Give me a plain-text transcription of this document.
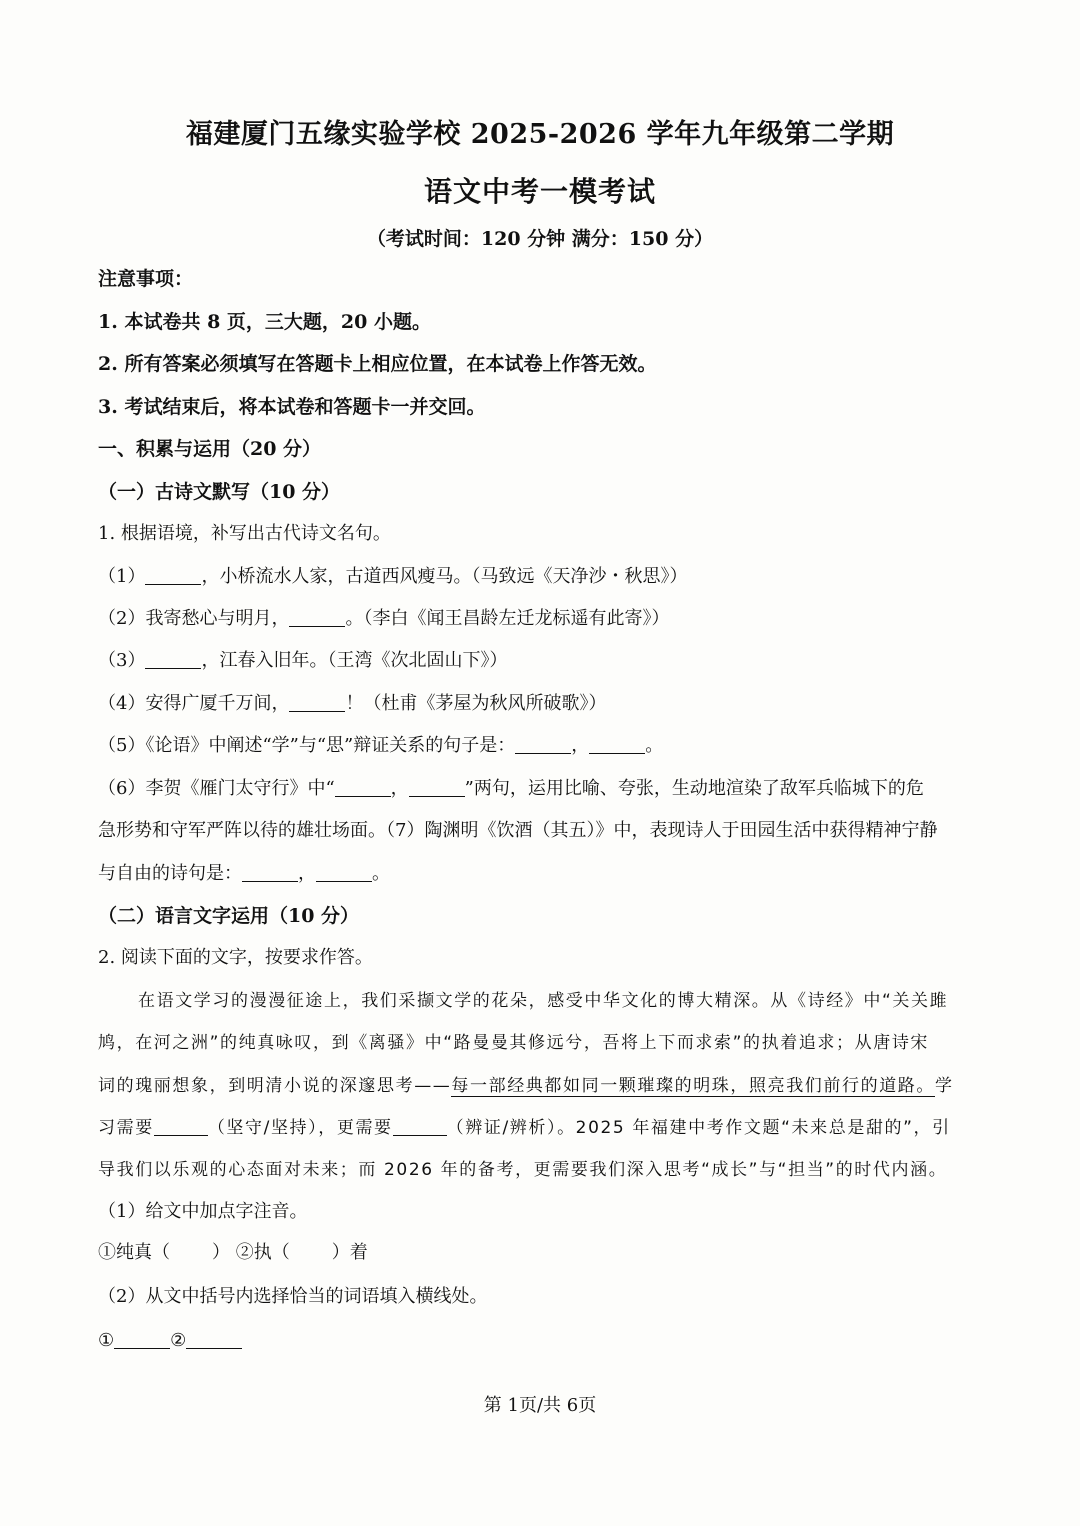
福建厦门五缘实验学校 2025-2026 学年九年级第二学期
语文中考一模考试
（考试时间：120 分钟 满分：150 分）
注意事项：
1. 本试卷共 8 页，三大题，20 小题。
2. 所有答案必须填写在答题卡上相应位置，在本试卷上作答无效。
3. 考试结束后，将本试卷和答题卡一并交回。
一、积累与运用（20 分）
（一）古诗文默写（10 分）
1. 根据语境，补写出古代诗文名句。
（1）	，小桥流水人家，古道西风瘦马。（马致远《天净沙・秋思》）
（2）我寄愁心与明月，	。（李白《闻王昌龄左迁龙标遥有此寄》）
（3）	，江春入旧年。（王湾《次北固山下》）
（4）安得广厦千万间，	！（杜甫《茅屋为秋风所破歌》）
（5）《论语》中阐述“学”与“思”辩证关系的句子是：	，	。
（6）李贺《雁门太守行》中“	，	”两句，运用比喻、夸张，生动地渲染了敌军兵临城下的危
急形势和守军严阵以待的雄壮场面。（7）陶渊明《饮酒（其五）》中，表现诗人于田园生活中获得精神宁静
与自由的诗句是：	，	。
（二）语言文字运用（10 分）
2. 阅读下面的文字，按要求作答。
在语文学习的漫漫征途上，我们采撷文学的花朵，感受中华文化的博大精深。从《诗经》中“关关雎
鸠，在河之洲”的纯真咏叹，到《离骚》中“路曼曼其修远兮，吾将上下而求索”的执着追求；从唐诗宋
词的瑰丽想象，到明清小说的深邃思考——每一部经典都如同一颗璀璨的明珠，照亮我们前行的道路。学
习需要	（坚守/坚持），更需要	（辨证/辨析）。2025 年福建中考作文题“未来总是甜的”，引
导我们以乐观的心态面对未来；而 2026 年的备考，更需要我们深入思考“成长”与“担当”的时代内涵。
（1）给文中加点字注音。
①纯真（ ） ②执（ ）着
（2）从文中括号内选择恰当的词语填入横线处。
①	②
第 1页/共 6页
